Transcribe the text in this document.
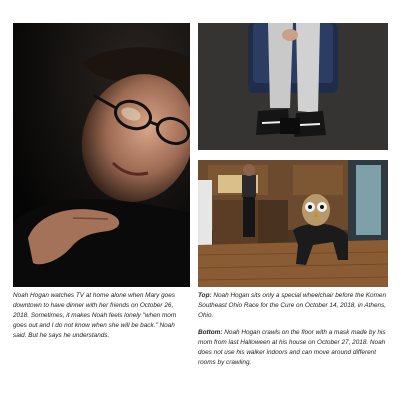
Noah Hogan watches TV at home alone when Mary goes downtown to have dinner with her friends on October 26, 2018. Sometimes, it makes Noah feels lonely "when mom goes out and I do not know when she will be back." Noah said. But he says he understands.

Top: Noah Hogan sits only a special wheelchair before the Komen Southeast Ohio Race for the Cure on October 14, 2018, in Athens, Ohio.

Bottom: Noah Hogan crawls on the floor with a mask made by his mom from last Halloween at his house on October 27, 2018. Noah does not use his walker indoors and can move around different rooms by crawling.
